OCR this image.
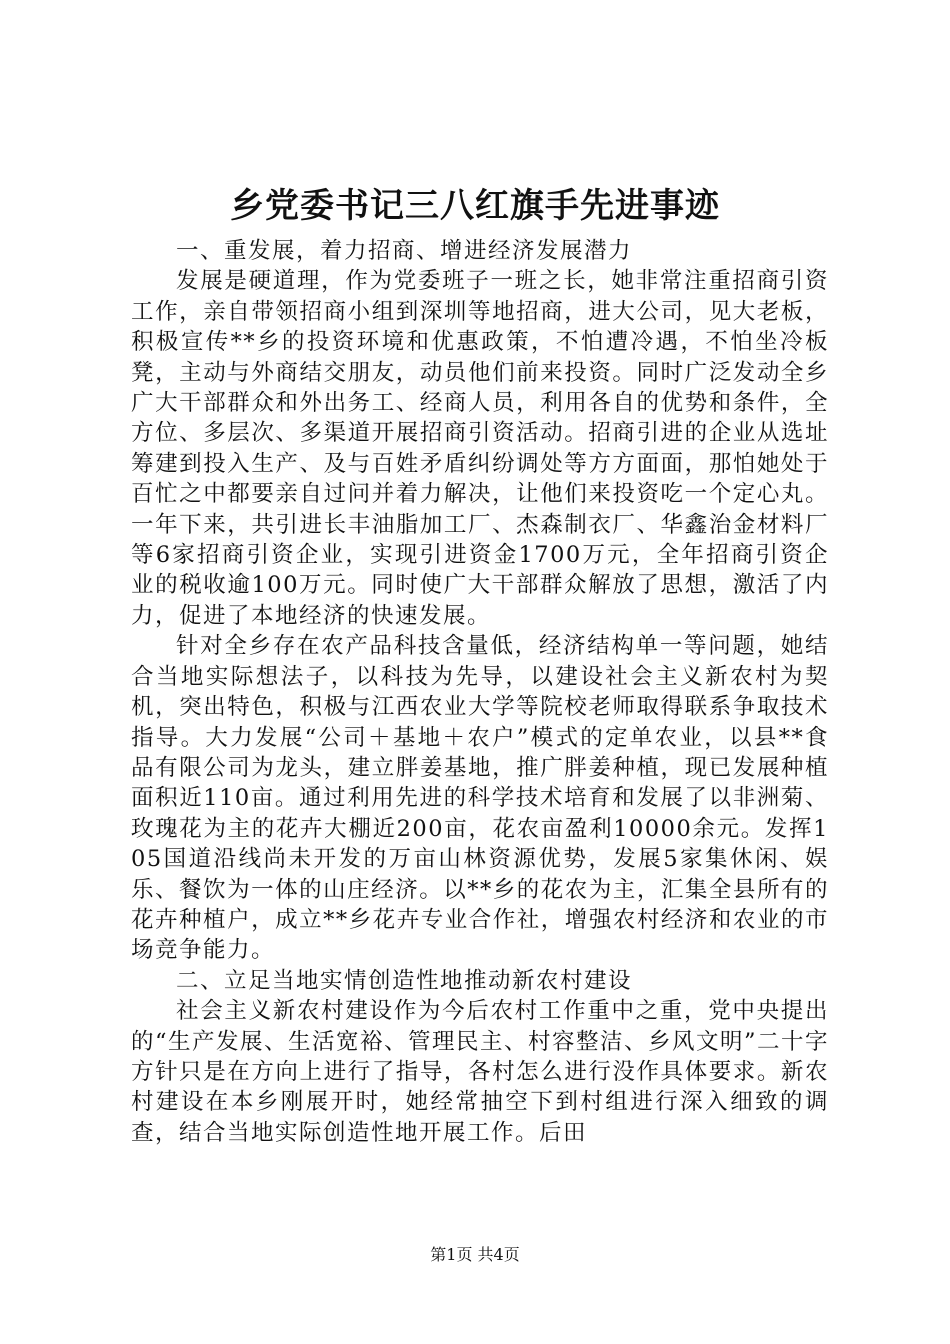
乡党委书记三八红旗手先进事迹

一、重发展，着力招商、增进经济发展潜力

发展是硬道理，作为党委班子一班之长，她非常注重招商引资工作，亲自带领招商小组到深圳等地招商，进大公司，见大老板，积极宣传**乡的投资环境和优惠政策，不怕遭冷遇，不怕坐冷板凳，主动与外商结交朋友，动员他们前来投资。同时广泛发动全乡广大干部群众和外出务工、经商人员，利用各自的优势和条件，全方位、多层次、多渠道开展招商引资活动。招商引进的企业从选址筹建到投入生产、及与百姓矛盾纠纷调处等方方面面，那怕她处于百忙之中都要亲自过问并着力解决，让他们来投资吃一个定心丸。一年下来，共引进长丰油脂加工厂、杰森制衣厂、华鑫治金材料厂等6家招商引资企业，实现引进资金1700万元，全年招商引资企业的税收逾100万元。同时使广大干部群众解放了思想，激活了内力，促进了本地经济的快速发展。

针对全乡存在农产品科技含量低，经济结构单一等问题，她结合当地实际想法子，以科技为先导，以建设社会主义新农村为契机，突出特色，积极与江西农业大学等院校老师取得联系争取技术指导。大力发展“公司＋基地＋农户”模式的定单农业，以县**食品有限公司为龙头，建立胖姜基地，推广胖姜种植，现已发展种植面积近110亩。通过利用先进的科学技术培育和发展了以非洲菊、玫瑰花为主的花卉大棚近200亩，花农亩盈利10000余元。发挥105国道沿线尚未开发的万亩山林资源优势，发展5家集休闲、娱乐、餐饮为一体的山庄经济。以**乡的花农为主，汇集全县所有的花卉种植户，成立**乡花卉专业合作社，增强农村经济和农业的市场竞争能力。

二、立足当地实情创造性地推动新农村建设

社会主义新农村建设作为今后农村工作重中之重，党中央提出的“生产发展、生活宽裕、管理民主、村容整洁、乡风文明”二十字方针只是在方向上进行了指导，各村怎么进行没作具体要求。新农村建设在本乡刚展开时，她经常抽空下到村组进行深入细致的调查，结合当地实际创造性地开展工作。后田

第1页 共4页
